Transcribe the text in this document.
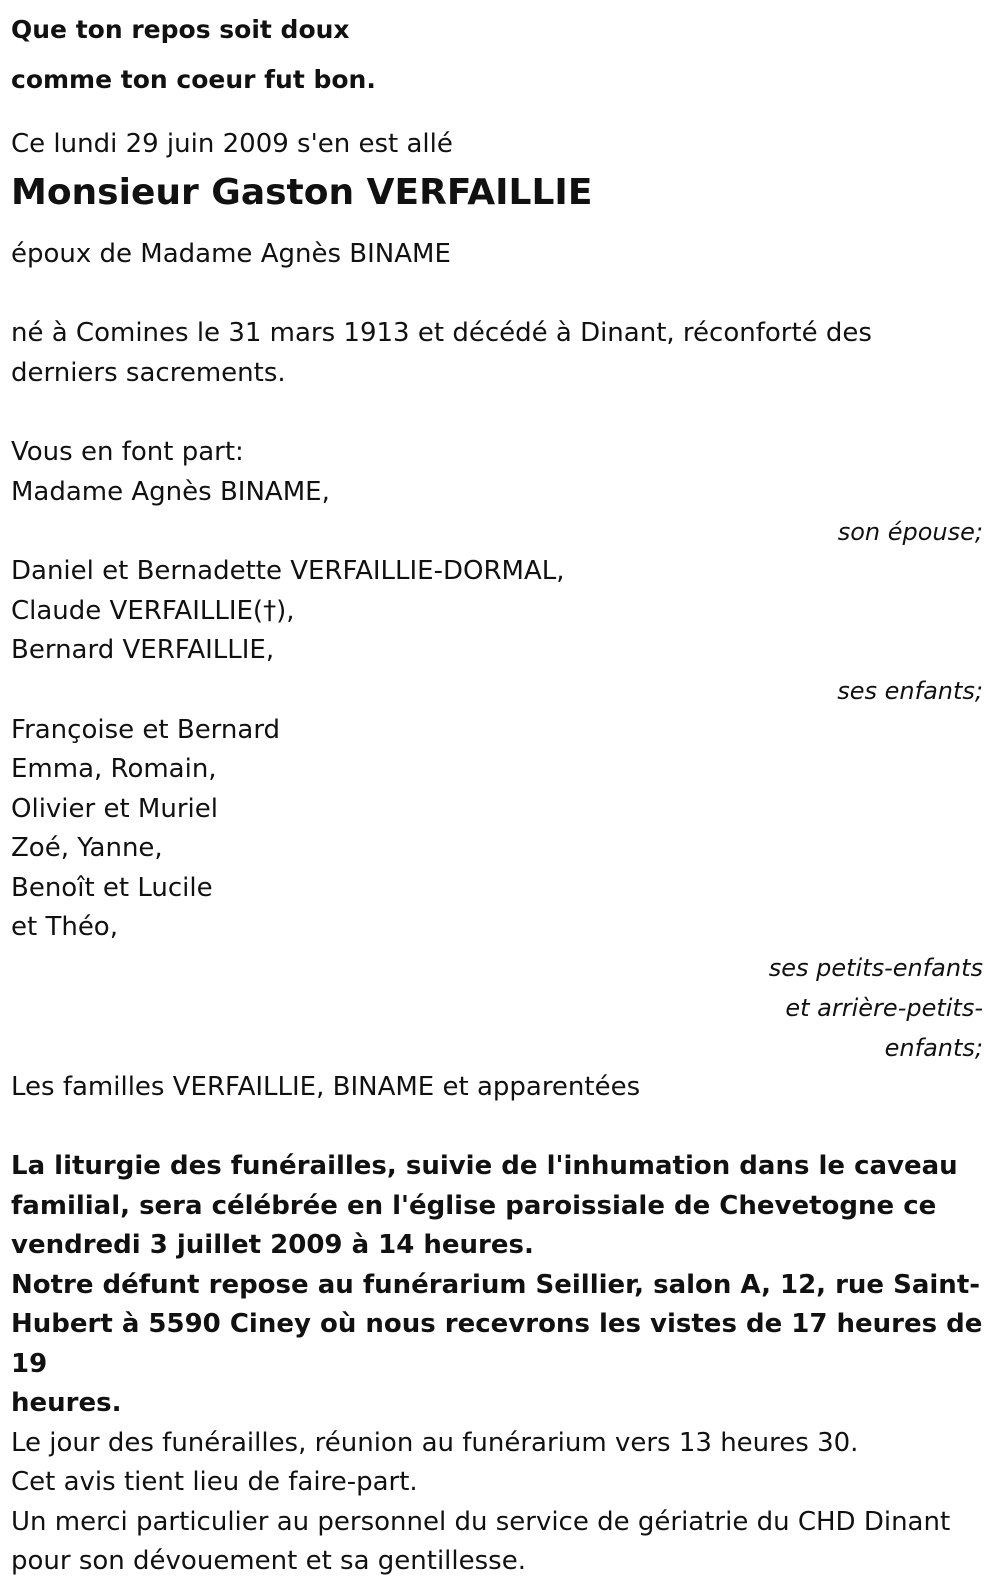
Que ton repos soit doux
comme ton coeur fut bon.
Ce lundi 29 juin 2009 s'en est allé
Monsieur Gaston VERFAILLIE
époux de Madame Agnès BINAME
né à Comines le 31 mars 1913 et décédé à Dinant, réconforté des
derniers sacrements.
Vous en font part:
Madame Agnès BINAME,
son épouse;
Daniel et Bernadette VERFAILLIE-DORMAL,
Claude VERFAILLIE(†),
Bernard VERFAILLIE,
ses enfants;
Françoise et Bernard
Emma, Romain,
Olivier et Muriel
Zoé, Yanne,
Benoît et Lucile
et Théo,
ses petits-enfants
et arrière-petits-
enfants;
Les familles VERFAILLIE, BINAME et apparentées
La liturgie des funérailles, suivie de l'inhumation dans le caveau
familial, sera célébrée en l'église paroissiale de Chevetogne ce
vendredi 3 juillet 2009 à 14 heures.
Notre défunt repose au funérarium Seillier, salon A, 12, rue Saint-
Hubert à 5590 Ciney où nous recevrons les vistes de 17 heures de 19
heures.
Le jour des funérailles, réunion au funérarium vers 13 heures 30.
Cet avis tient lieu de faire-part.
Un merci particulier au personnel du service de gériatrie du CHD Dinant
pour son dévouement et sa gentillesse.
